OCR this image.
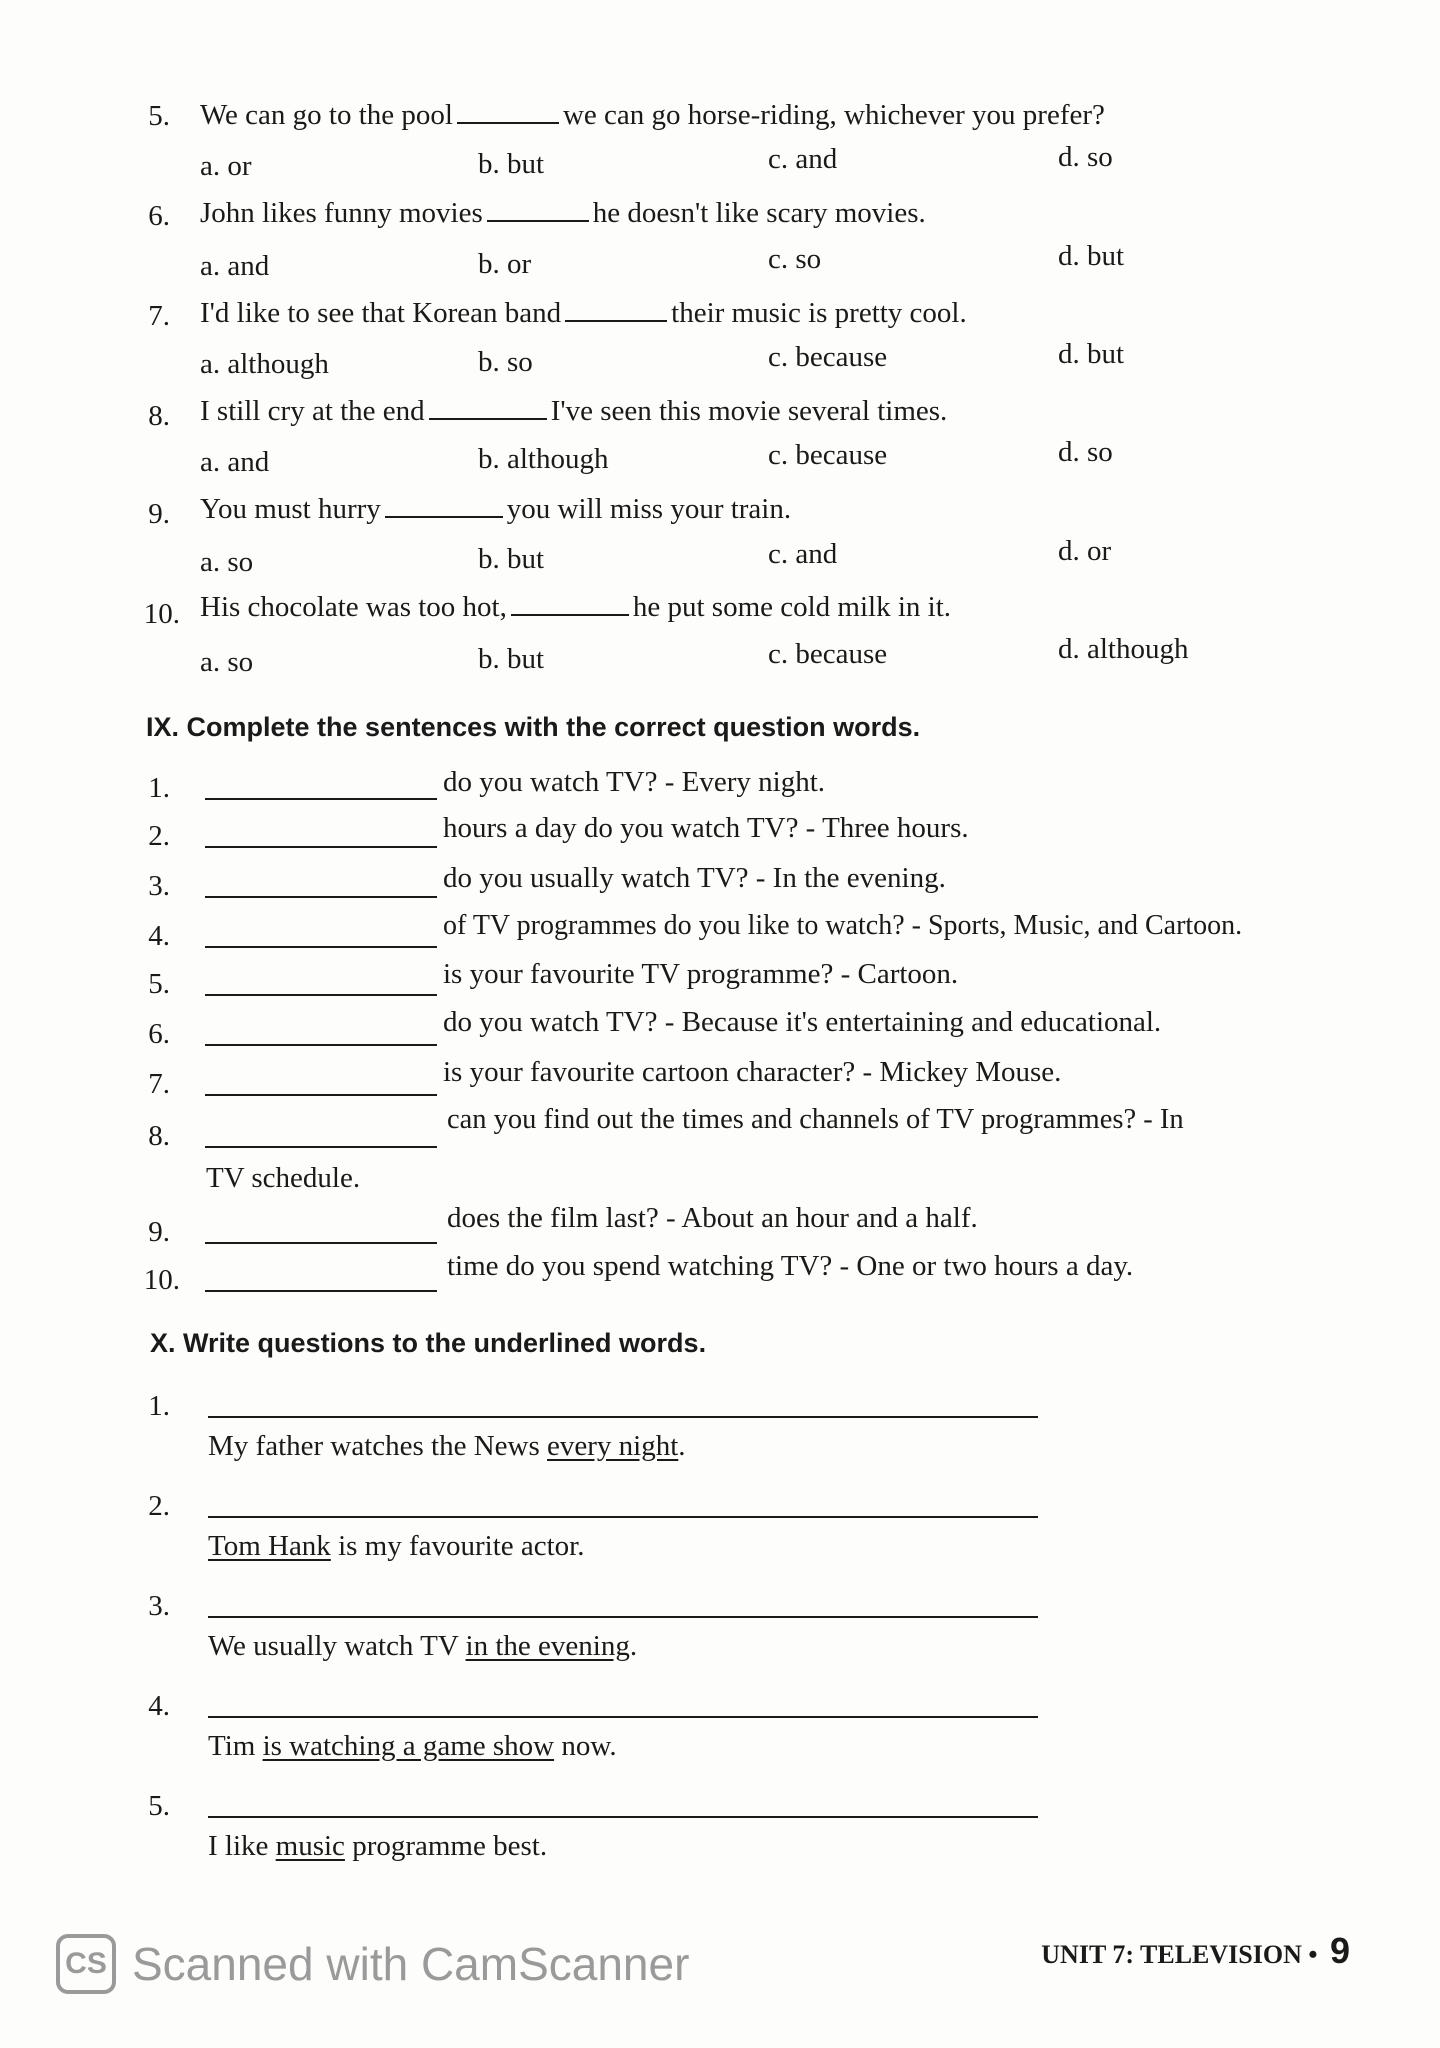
5. We can go to the pool	we can go horse-riding, whichever you prefer?
a. or	b. but	c. and	d. so
6. John likes funny movies	he doesn't like scary movies.
a. and	b. or	c. so	d. but
7. I'd like to see that Korean band	their music is pretty cool.
a. although	b. so	c. because	d. but
8. I still cry at the end	I've seen this movie several times.
a. and	b. although	c. because	d. so
9. You must hurry	you will miss your train.
a. so	b. but	c. and	d. or
10. His chocolate was too hot,	he put some cold milk in it.
a. so	b. but	c. because	d. although
IX. Complete the sentences with the correct question words.
1.	do you watch TV? - Every night.
2.	hours a day do you watch TV? - Three hours.
3.	do you usually watch TV? - In the evening.
4.	of TV programmes do you like to watch? - Sports, Music, and Cartoon.
5.	is your favourite TV programme? - Cartoon.
6.	do you watch TV? - Because it's entertaining and educational.
7.	is your favourite cartoon character? - Mickey Mouse.
8.
can you find out the times and channels of TV programmes? - In
TV schedule.
9.	does the film last? - About an hour and a half.
10.	time do you spend watching TV? - One or two hours a day.
X. Write questions to the underlined words.
1.
My father watches the News every night.
2.
Tom Hank is my favourite actor.
3.
We usually watch TV in the evening.
4.
Tim is watching a game show now.
5.
I like music programme best.
CS Scanned with CamScanner	UNIT 7: TELEVISION • 9
